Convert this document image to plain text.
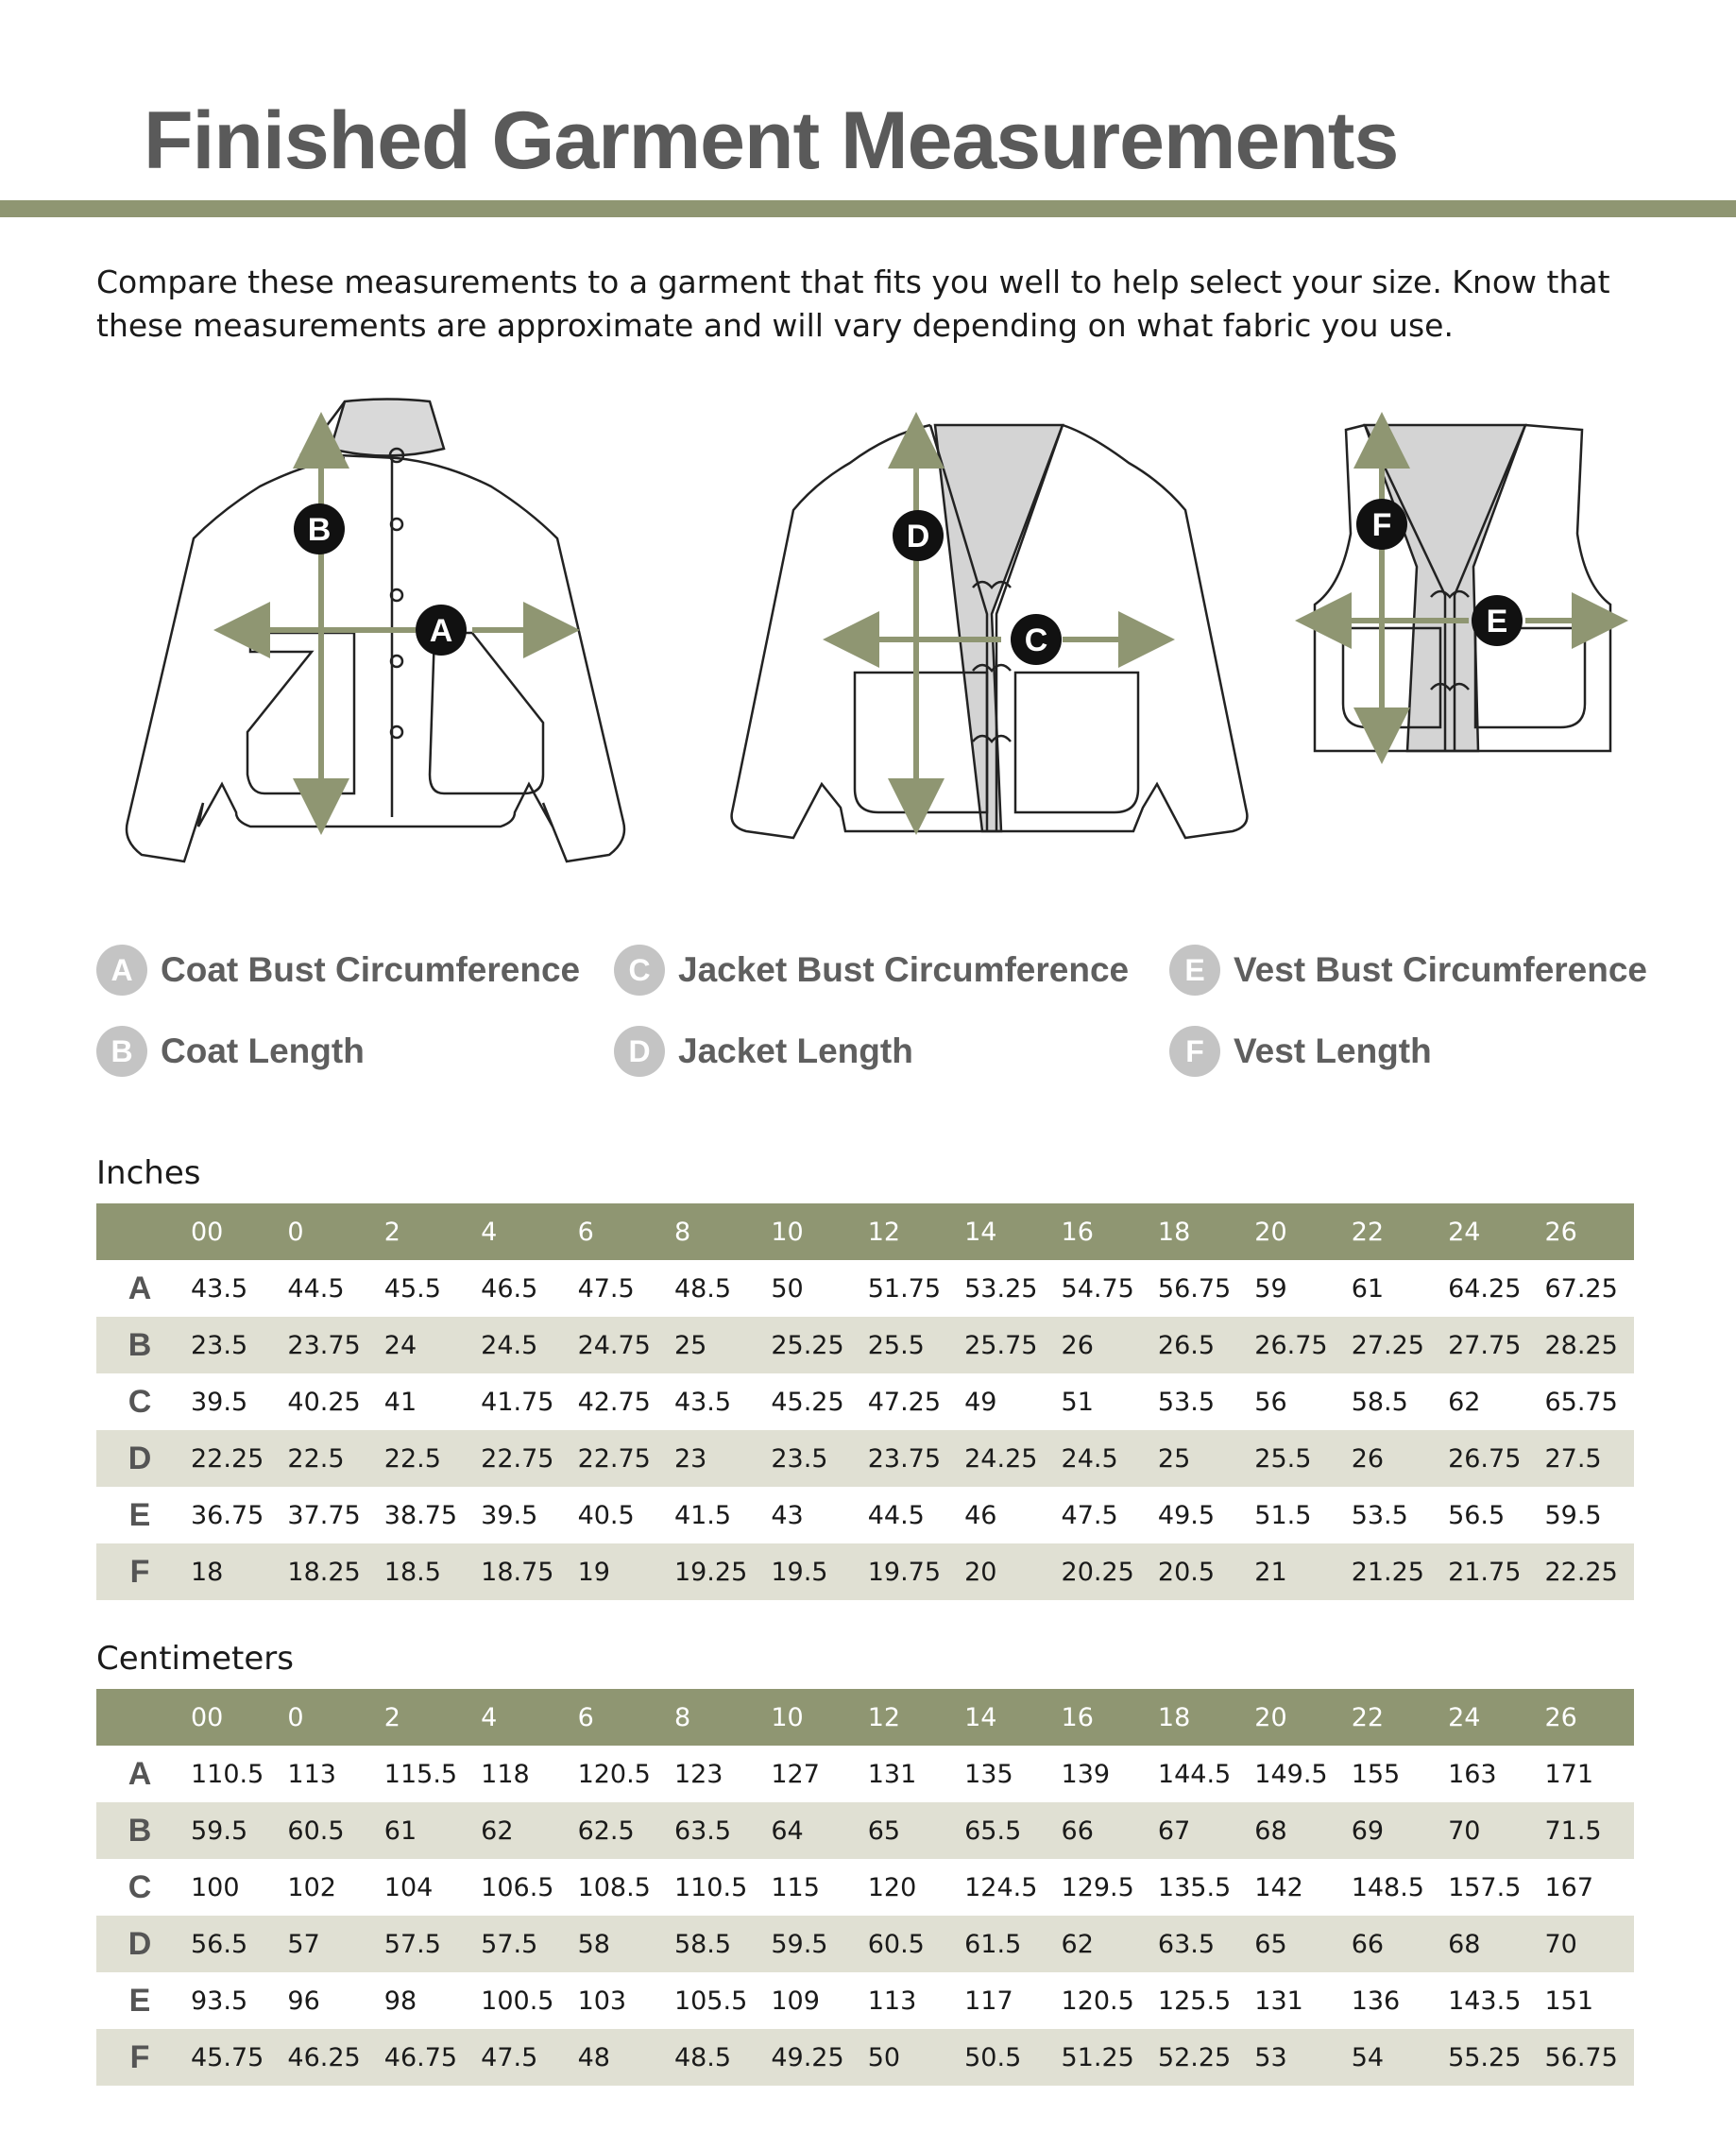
Finished Garment Measurements
Compare these measurements to a garment that fits you well to help select your size. Know that these measurements are approximate and will vary depending on what fabric you use.
B
A
D
C
F
E
A Coat Bust Circumference
B Coat Length
C Jacket Bust Circumference
D Jacket Length
E Vest Bust Circumference
F Vest Length
Inches
	00	0	2	4	6	8	10	12	14	16	18	20	22	24	26
A	43.5	44.5	45.5	46.5	47.5	48.5	50	51.75	53.25	54.75	56.75	59	61	64.25	67.25
B	23.5	23.75	24	24.5	24.75	25	25.25	25.5	25.75	26	26.5	26.75	27.25	27.75	28.25
C	39.5	40.25	41	41.75	42.75	43.5	45.25	47.25	49	51	53.5	56	58.5	62	65.75
D	22.25	22.5	22.5	22.75	22.75	23	23.5	23.75	24.25	24.5	25	25.5	26	26.75	27.5
E	36.75	37.75	38.75	39.5	40.5	41.5	43	44.5	46	47.5	49.5	51.5	53.5	56.5	59.5
F	18	18.25	18.5	18.75	19	19.25	19.5	19.75	20	20.25	20.5	21	21.25	21.75	22.25
Centimeters
	00	0	2	4	6	8	10	12	14	16	18	20	22	24	26
A	110.5	113	115.5	118	120.5	123	127	131	135	139	144.5	149.5	155	163	171
B	59.5	60.5	61	62	62.5	63.5	64	65	65.5	66	67	68	69	70	71.5
C	100	102	104	106.5	108.5	110.5	115	120	124.5	129.5	135.5	142	148.5	157.5	167
D	56.5	57	57.5	57.5	58	58.5	59.5	60.5	61.5	62	63.5	65	66	68	70
E	93.5	96	98	100.5	103	105.5	109	113	117	120.5	125.5	131	136	143.5	151
F	45.75	46.25	46.75	47.5	48	48.5	49.25	50	50.5	51.25	52.25	53	54	55.25	56.75
